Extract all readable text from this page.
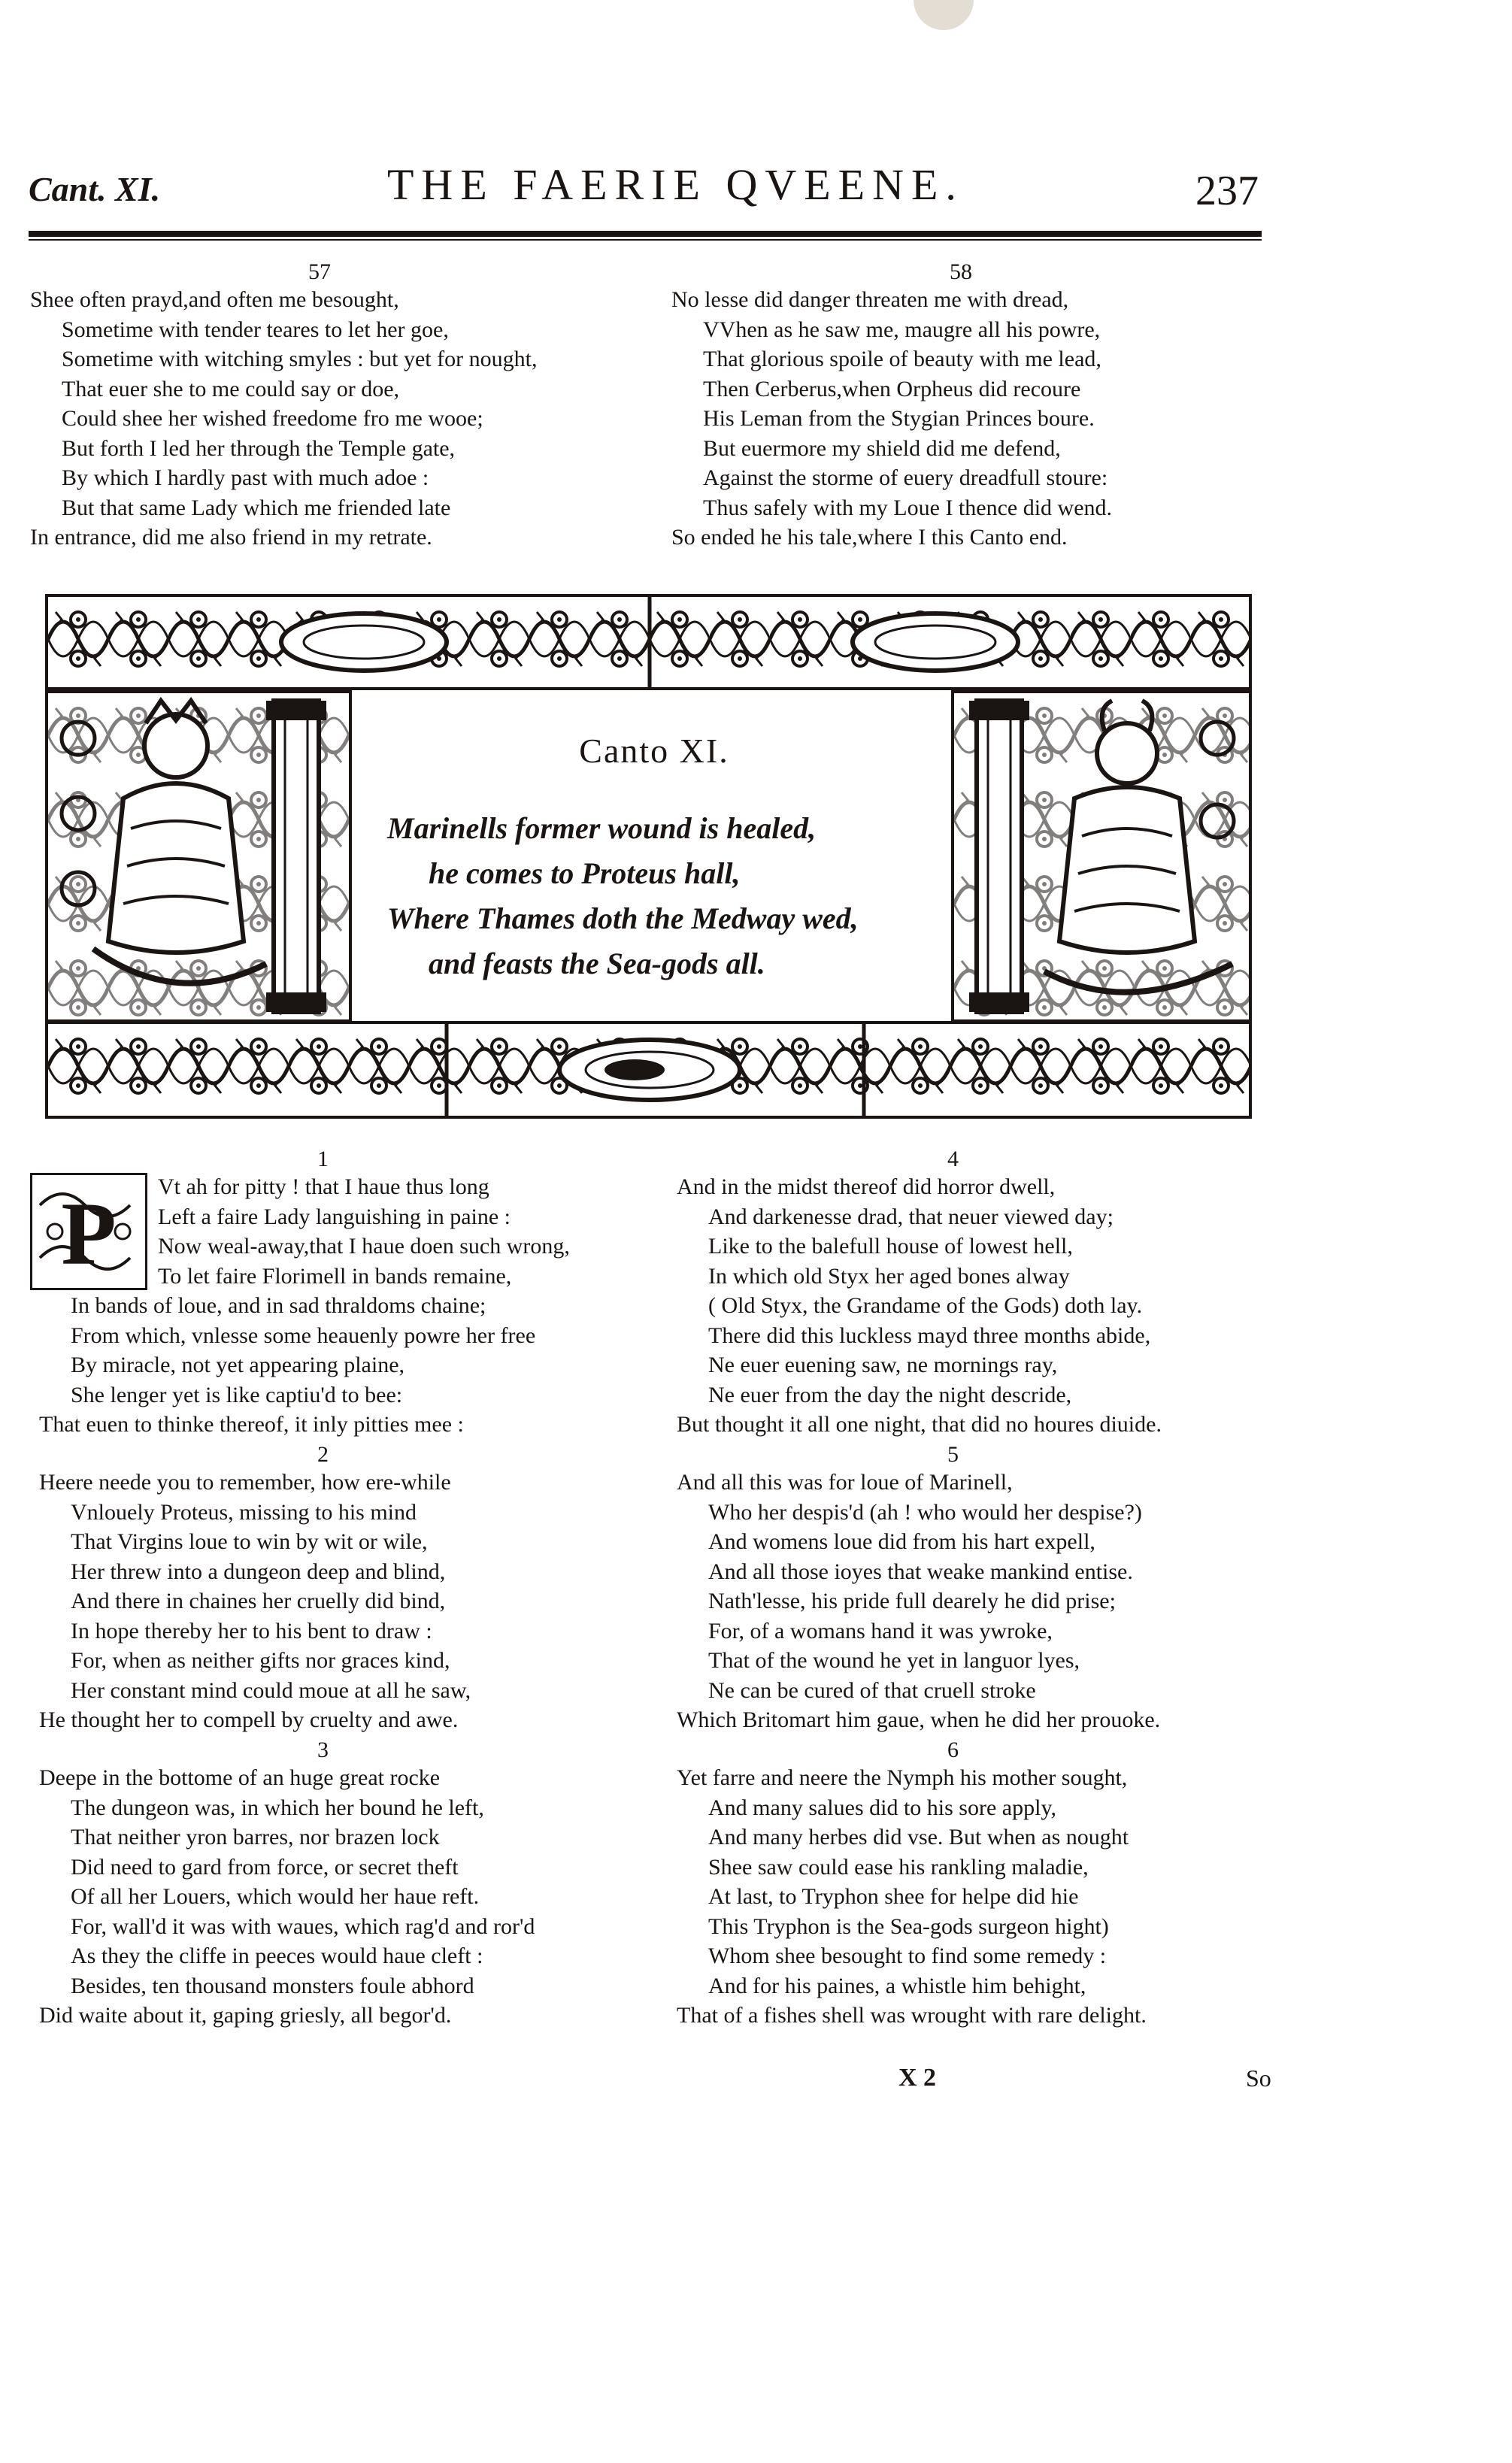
Cant. XI.	THE FAERIE QVEENE.	237
57
Shee often prayd,and often me besought,
Sometime with tender teares to let her goe,
Sometime with witching smyles : but yet for nought,
That euer she to me could say or doe,
Could shee her wished freedome fro me wooe;
But forth I led her through the Temple gate,
By which I hardly past with much adoe :
But that same Lady which me friended late
In entrance, did me also friend in my retrate.
58
No lesse did danger threaten me with dread,
VVhen as he saw me, maugre all his powre,
That glorious spoile of beauty with me lead,
Then Cerberus,when Orpheus did recoure
His Leman from the Stygian Princes boure.
But euermore my shield did me defend,
Against the storme of euery dreadfull stoure:
Thus safely with my Loue I thence did wend.
So ended he his tale,where I this Canto end.
Canto XI.
Marinells former wound is healed,
he comes to Proteus hall,
Where Thames doth the Medway wed,
and feasts the Sea-gods all.
P
1
Vt ah for pitty ! that I haue thus long
Left a faire Lady languishing in paine :
Now weal-away,that I haue doen such wrong,
To let faire Florimell in bands remaine,
In bands of loue, and in sad thraldoms chaine;
From which, vnlesse some heauenly powre her free
By miracle, not yet appearing plaine,
She lenger yet is like captiu'd to bee:
That euen to thinke thereof, it inly pitties mee :
2
Heere neede you to remember, how ere-while
Vnlouely Proteus, missing to his mind
That Virgins loue to win by wit or wile,
Her threw into a dungeon deep and blind,
And there in chaines her cruelly did bind,
In hope thereby her to his bent to draw :
For, when as neither gifts nor graces kind,
Her constant mind could moue at all he saw,
He thought her to compell by cruelty and awe.
3
Deepe in the bottome of an huge great rocke
The dungeon was, in which her bound he left,
That neither yron barres, nor brazen lock
Did need to gard from force, or secret theft
Of all her Louers, which would her haue reft.
For, wall'd it was with waues, which rag'd and ror'd
As they the cliffe in peeces would haue cleft :
Besides, ten thousand monsters foule abhord
Did waite about it, gaping griesly, all begor'd.
4
And in the midst thereof did horror dwell,
And darkenesse drad, that neuer viewed day;
Like to the balefull house of lowest hell,
In which old Styx her aged bones alway
( Old Styx, the Grandame of the Gods) doth lay.
There did this luckless mayd three months abide,
Ne euer euening saw, ne mornings ray,
Ne euer from the day the night descride,
But thought it all one night, that did no houres diuide.
5
And all this was for loue of Marinell,
Who her despis'd (ah ! who would her despise?)
And womens loue did from his hart expell,
And all those ioyes that weake mankind entise.
Nath'lesse, his pride full dearely he did prise;
For, of a womans hand it was ywroke,
That of the wound he yet in languor lyes,
Ne can be cured of that cruell stroke
Which Britomart him gaue, when he did her prouoke.
6
Yet farre and neere the Nymph his mother sought,
And many salues did to his sore apply,
And many herbes did vse. But when as nought
Shee saw could ease his rankling maladie,
At last, to Tryphon shee for helpe did hie
This Tryphon is the Sea-gods surgeon hight)
Whom shee besought to find some remedy :
And for his paines, a whistle him behight,
That of a fishes shell was wrought with rare delight.
X 2	So
